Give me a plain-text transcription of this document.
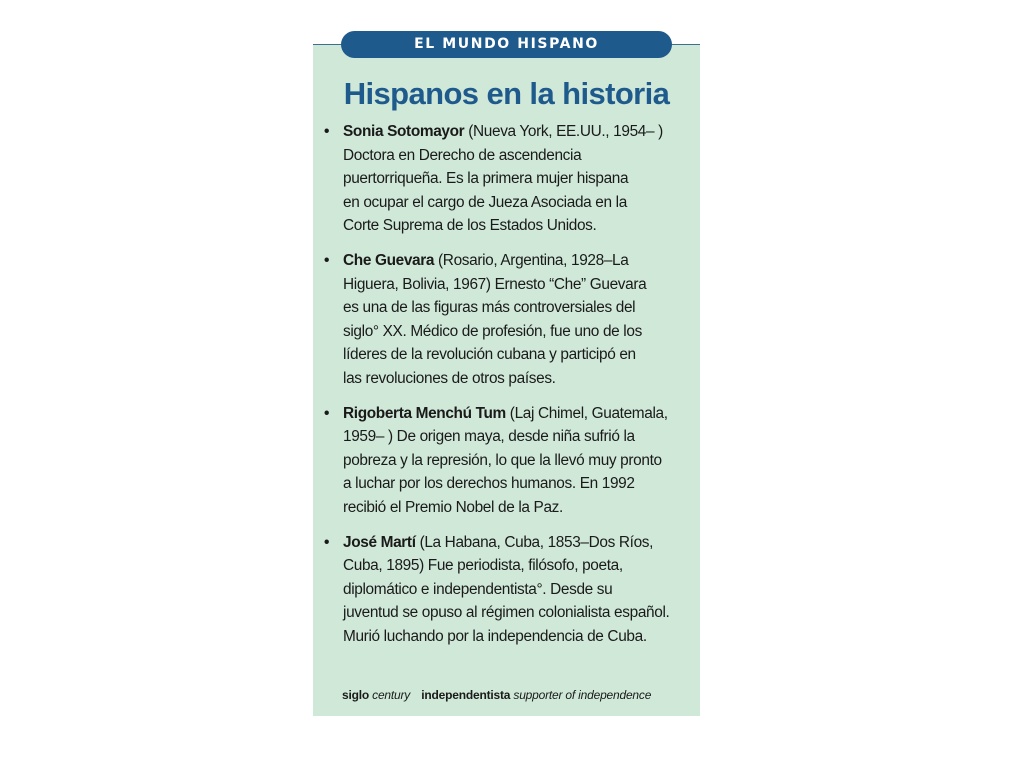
EL MUNDO HISPANO
Hispanos en la historia
• Sonia Sotomayor (Nueva York, EE.UU., 1954– )
Doctora en Derecho de ascendencia
puertorriqueña. Es la primera mujer hispana
en ocupar el cargo de Jueza Asociada en la
Corte Suprema de los Estados Unidos.
• Che Guevara (Rosario, Argentina, 1928–La
Higuera, Bolivia, 1967) Ernesto “Che” Guevara
es una de las figuras más controversiales del
siglo° XX. Médico de profesión, fue uno de los
líderes de la revolución cubana y participó en
las revoluciones de otros países.
• Rigoberta Menchú Tum (Laj Chimel, Guatemala,
1959– ) De origen maya, desde niña sufrió la
pobreza y la represión, lo que la llevó muy pronto
a luchar por los derechos humanos. En 1992
recibió el Premio Nobel de la Paz.
• José Martí (La Habana, Cuba, 1853–Dos Ríos,
Cuba, 1895) Fue periodista, filósofo, poeta,
diplomático e independentista°. Desde su
juventud se opuso al régimen colonialista español.
Murió luchando por la independencia de Cuba.
siglo century independentista supporter of independence
